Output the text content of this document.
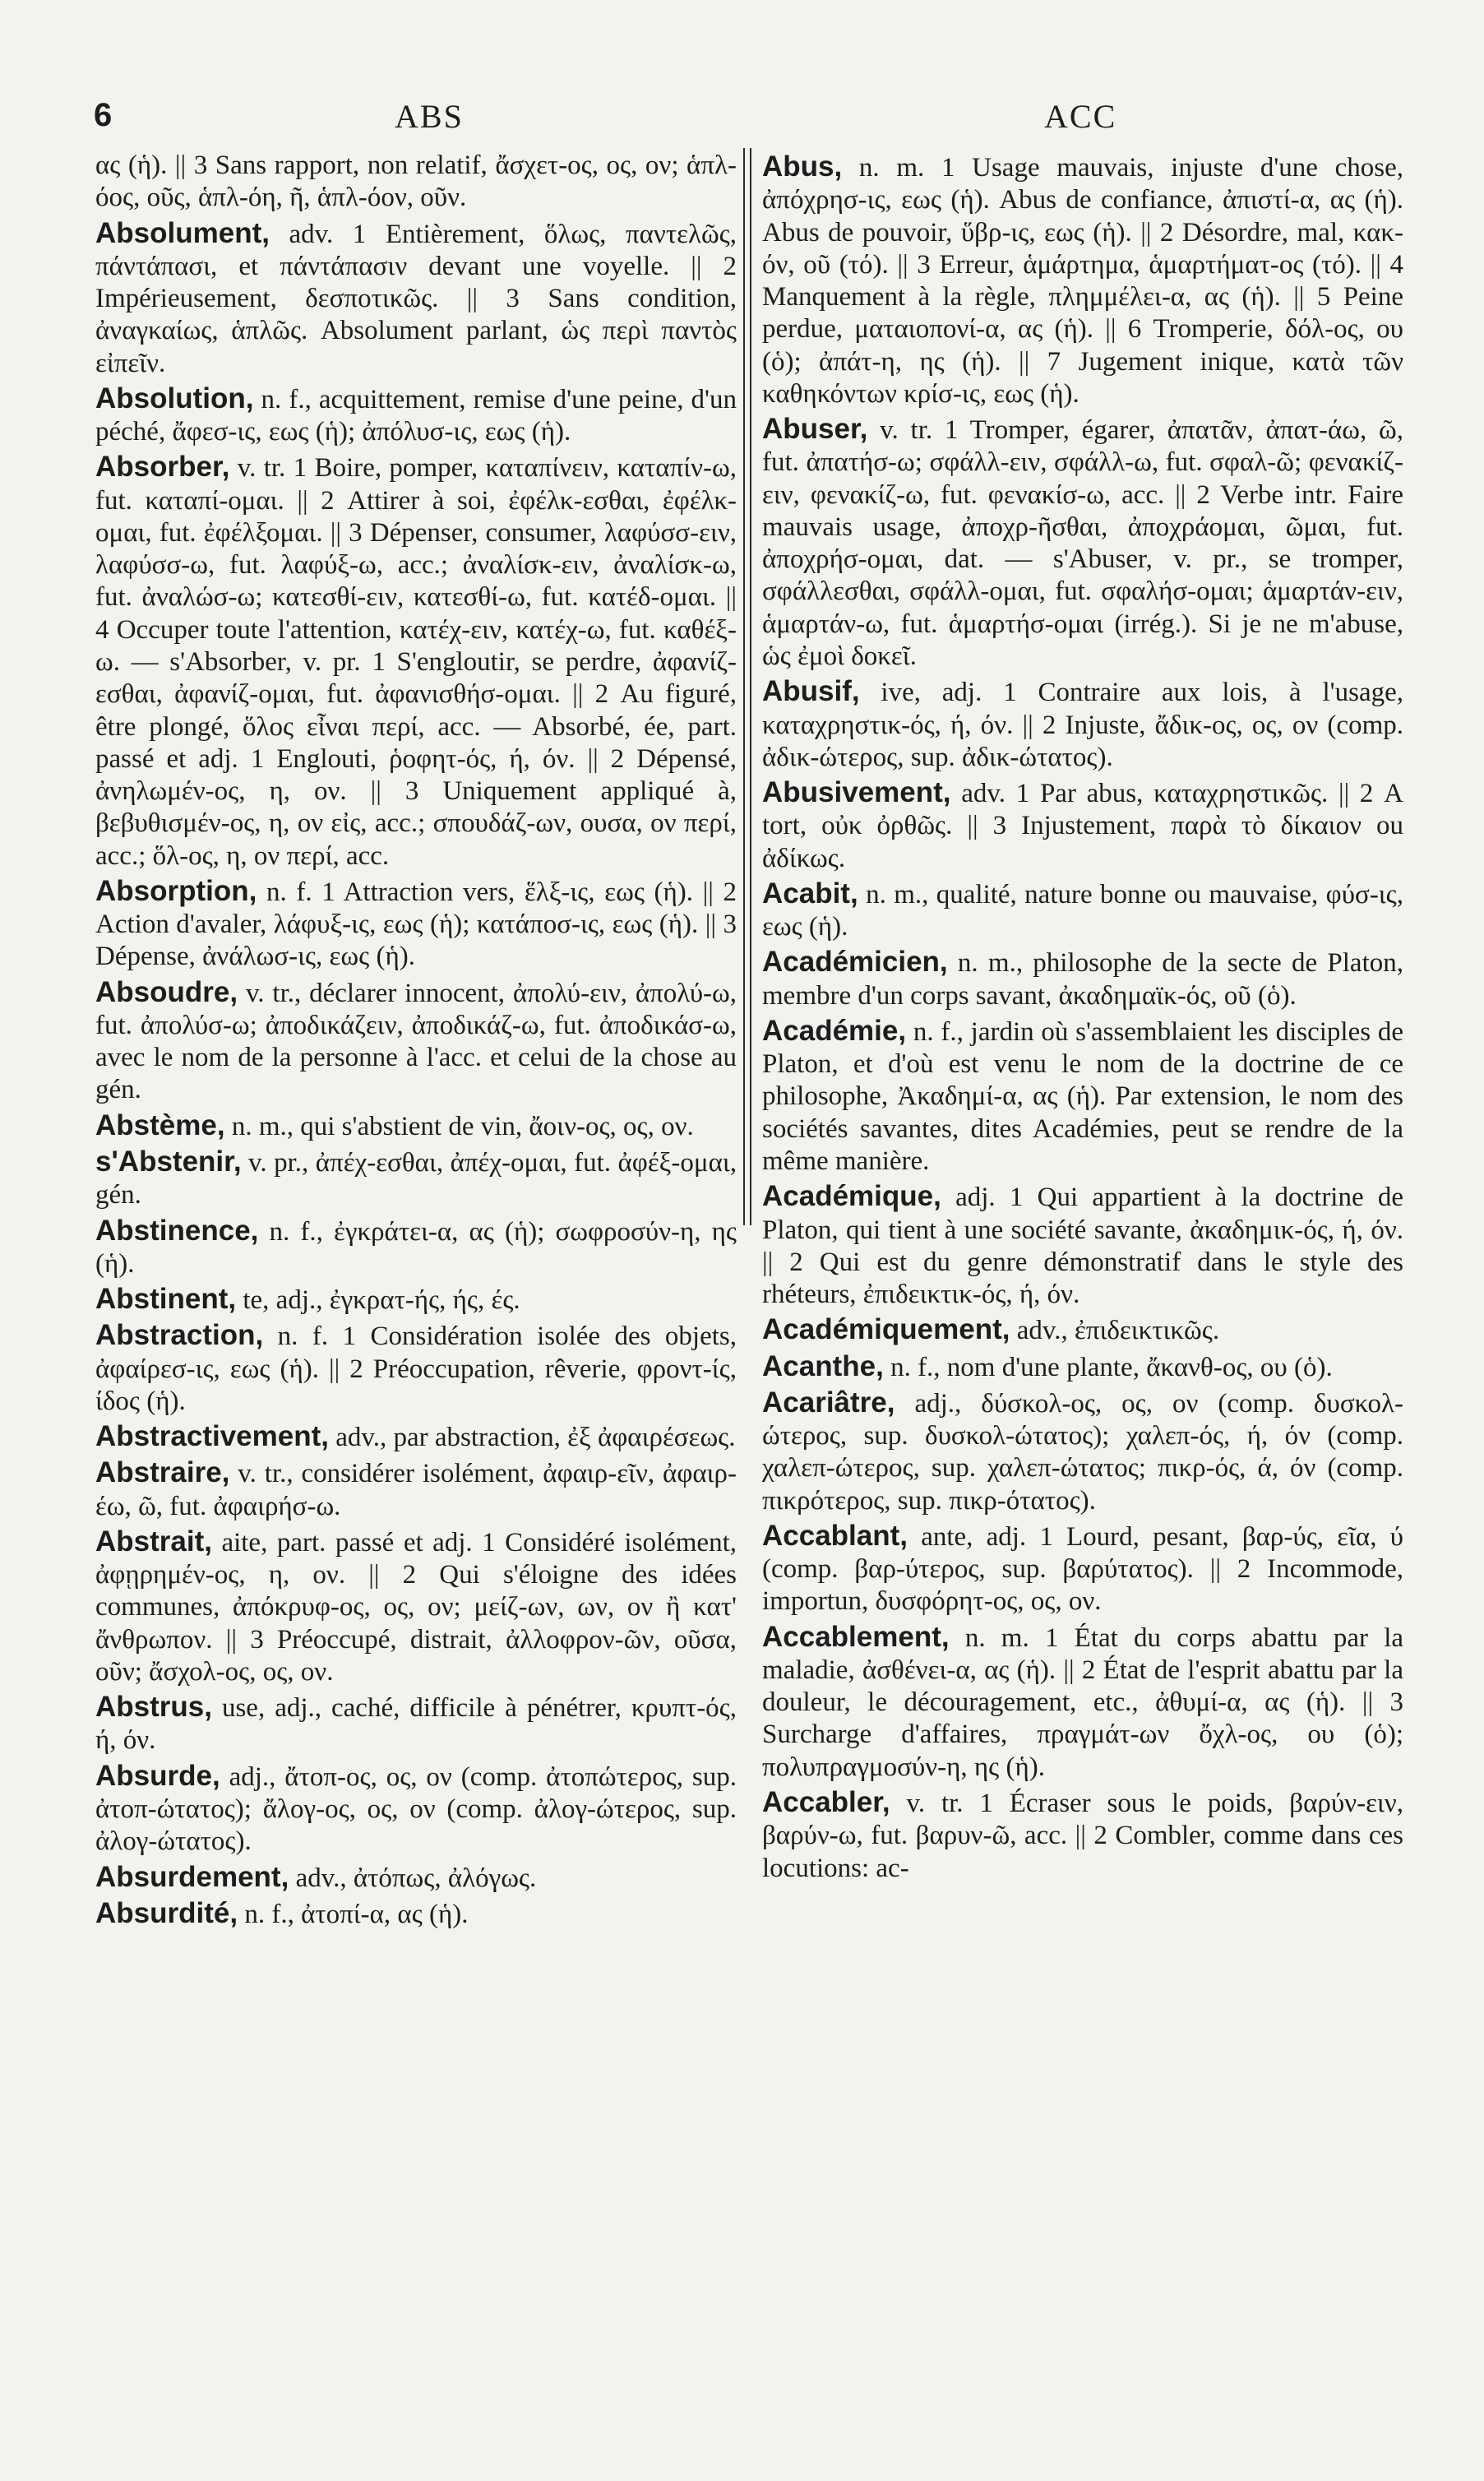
6	ABS	ACC

ας (ἡ). || 3 Sans rapport, non relatif, ἄσχετ-ος, ος, ον; ἁπλ-όος, οῦς, ἁπλ-όη, ῆ, ἁπλ-όον, οῦν.

Absolument, adv. 1 Entièrement, ὅλως, παντελῶς, πάντάπασι, et πάντάπασιν devant une voyelle. || 2 Impérieusement, δεσποτικῶς. || 3 Sans condition, ἀναγκαίως, ἁπλῶς. Absolument parlant, ὡς περὶ παντὸς εἰπεῖν.

Absolution, n. f., acquittement, remise d'une peine, d'un péché, ἄφεσ-ις, εως (ἡ); ἀπόλυσ-ις, εως (ἡ).

Absorber, v. tr. 1 Boire, pomper, καταπίνειν, καταπίν-ω, fut. καταπί-ομαι. || 2 Attirer à soi, ἐφέλκ-εσθαι, ἐφέλκ-ομαι, fut. ἐφέλξομαι. || 3 Dépenser, consumer, λαφύσσ-ειν, λαφύσσ-ω, fut. λαφύξ-ω, acc.; ἀναλίσκ-ειν, ἀναλίσκ-ω, fut. ἀναλώσ-ω; κατεσθί-ειν, κατεσθί-ω, fut. κατέδ-ομαι. || 4 Occuper toute l'attention, κατέχ-ειν, κατέχ-ω, fut. καθέξ-ω. — s'Absorber, v. pr. 1 S'engloutir, se perdre, ἀφανίζ-εσθαι, ἀφανίζ-ομαι, fut. ἀφανισθήσ-ομαι. || 2 Au figuré, être plongé, ὅλος εἶναι περί, acc. — Absorbé, ée, part. passé et adj. 1 Englouti, ῥοφητ-ός, ή, όν. || 2 Dépensé, ἀνηλωμέν-ος, η, ον. || 3 Uniquement appliqué à, βεβυθισμέν-ος, η, ον εἰς, acc.; σπουδάζ-ων, ουσα, ον περί, acc.; ὅλ-ος, η, ον περί, acc.

Absorption, n. f. 1 Attraction vers, ἕλξ-ις, εως (ἡ). || 2 Action d'avaler, λάφυξ-ις, εως (ἡ); κατάποσ-ις, εως (ἡ). || 3 Dépense, ἀνάλωσ-ις, εως (ἡ).

Absoudre, v. tr., déclarer innocent, ἀπολύ-ειν, ἀπολύ-ω, fut. ἀπολύσ-ω; ἀποδικάζειν, ἀποδικάζ-ω, fut. ἀποδικάσ-ω, avec le nom de la personne à l'acc. et celui de la chose au gén.

Abstème, n. m., qui s'abstient de vin, ἄοιν-ος, ος, ον.

s'Abstenir, v. pr., ἀπέχ-εσθαι, ἀπέχ-ομαι, fut. ἀφέξ-ομαι, gén.

Abstinence, n. f., ἐγκράτει-α, ας (ἡ); σωφροσύν-η, ης (ἡ).

Abstinent, te, adj., ἐγκρατ-ής, ής, ές.

Abstraction, n. f. 1 Considération isolée des objets, ἀφαίρεσ-ις, εως (ἡ). || 2 Préoccupation, rêverie, φροντ-ίς, ίδος (ἡ).

Abstractivement, adv., par abstraction, ἐξ ἀφαιρέσεως.

Abstraire, v. tr., considérer isolément, ἀφαιρ-εῖν, ἀφαιρ-έω, ῶ, fut. ἀφαιρήσ-ω.

Abstrait, aite, part. passé et adj. 1 Considéré isolément, ἀφῃρημέν-ος, η, ον. || 2 Qui s'éloigne des idées communes, ἀπόκρυφ-ος, ος, ον; μείζ-ων, ων, ον ἢ κατ' ἄνθρωπον. || 3 Préoccupé, distrait, ἀλλοφρον-ῶν, οῦσα, οῦν; ἄσχολ-ος, ος, ον.

Abstrus, use, adj., caché, difficile à pénétrer, κρυπτ-ός, ή, όν.

Absurde, adj., ἄτοπ-ος, ος, ον (comp. ἀτοπώτερος, sup. ἀτοπ-ώτατος); ἄλογ-ος, ος, ον (comp. ἀλογ-ώτερος, sup. ἀλογ-ώτατος).

Absurdement, adv., ἀτόπως, ἀλόγως.

Absurdité, n. f., ἀτοπί-α, ας (ἡ).

Abus, n. m. 1 Usage mauvais, injuste d'une chose, ἀπόχρησ-ις, εως (ἡ). Abus de confiance, ἀπιστί-α, ας (ἡ). Abus de pouvoir, ὕβρ-ις, εως (ἡ). || 2 Désordre, mal, κακ-όν, οῦ (τό). || 3 Erreur, ἁμάρτημα, ἁμαρτήματ-ος (τό). || 4 Manquement à la règle, πλημμέλει-α, ας (ἡ). || 5 Peine perdue, ματαιοπονί-α, ας (ἡ). || 6 Tromperie, δόλ-ος, ου (ὁ); ἀπάτ-η, ης (ἡ). || 7 Jugement inique, κατὰ τῶν καθηκόντων κρίσ-ις, εως (ἡ).

Abuser, v. tr. 1 Tromper, égarer, ἀπατᾶν, ἀπατ-άω, ῶ, fut. ἀπατήσ-ω; σφάλλ-ειν, σφάλλ-ω, fut. σφαλ-ῶ; φενακίζ-ειν, φενακίζ-ω, fut. φενακίσ-ω, acc. || 2 Verbe intr. Faire mauvais usage, ἀποχρ-ῆσθαι, ἀποχράομαι, ῶμαι, fut. ἀποχρήσ-ομαι, dat. — s'Abuser, v. pr., se tromper, σφάλλεσθαι, σφάλλ-ομαι, fut. σφαλήσ-ομαι; ἁμαρτάν-ειν, ἁμαρτάν-ω, fut. ἁμαρτήσ-ομαι (irrég.). Si je ne m'abuse, ὡς ἐμοὶ δοκεῖ.

Abusif, ive, adj. 1 Contraire aux lois, à l'usage, καταχρηστικ-ός, ή, όν. || 2 Injuste, ἄδικ-ος, ος, ον (comp. ἀδικ-ώτερος, sup. ἀδικ-ώτατος).

Abusivement, adv. 1 Par abus, καταχρηστικῶς. || 2 A tort, οὐκ ὀρθῶς. || 3 Injustement, παρὰ τὸ δίκαιον ou ἀδίκως.

Acabit, n. m., qualité, nature bonne ou mauvaise, φύσ-ις, εως (ἡ).

Académicien, n. m., philosophe de la secte de Platon, membre d'un corps savant, ἀκαδημαϊκ-ός, οῦ (ὁ).

Académie, n. f., jardin où s'assemblaient les disciples de Platon, et d'où est venu le nom de la doctrine de ce philosophe, Ἀκαδημί-α, ας (ἡ). Par extension, le nom des sociétés savantes, dites Académies, peut se rendre de la même manière.

Académique, adj. 1 Qui appartient à la doctrine de Platon, qui tient à une société savante, ἀκαδημικ-ός, ή, όν. || 2 Qui est du genre démonstratif dans le style des rhéteurs, ἐπιδεικτικ-ός, ή, όν.

Académiquement, adv., ἐπιδεικτικῶς.

Acanthe, n. f., nom d'une plante, ἄκανθ-ος, ου (ὁ).

Acariâtre, adj., δύσκολ-ος, ος, ον (comp. δυσκολ-ώτερος, sup. δυσκολ-ώτατος); χαλεπ-ός, ή, όν (comp. χαλεπ-ώτερος, sup. χαλεπ-ώτατος; πικρ-ός, ά, όν (comp. πικρότερος, sup. πικρ-ότατος).

Accablant, ante, adj. 1 Lourd, pesant, βαρ-ύς, εῖα, ύ (comp. βαρ-ύτερος, sup. βαρύτατος). || 2 Incommode, importun, δυσφόρητ-ος, ος, ον.

Accablement, n. m. 1 État du corps abattu par la maladie, ἀσθένει-α, ας (ἡ). || 2 État de l'esprit abattu par la douleur, le découragement, etc., ἀθυμί-α, ας (ἡ). || 3 Surcharge d'affaires, πραγμάτ-ων ὄχλ-ος, ου (ὁ); πολυπραγμοσύν-η, ης (ἡ).

Accabler, v. tr. 1 Écraser sous le poids, βαρύν-ειν, βαρύν-ω, fut. βαρυν-ῶ, acc. || 2 Combler, comme dans ces locutions: ac-
